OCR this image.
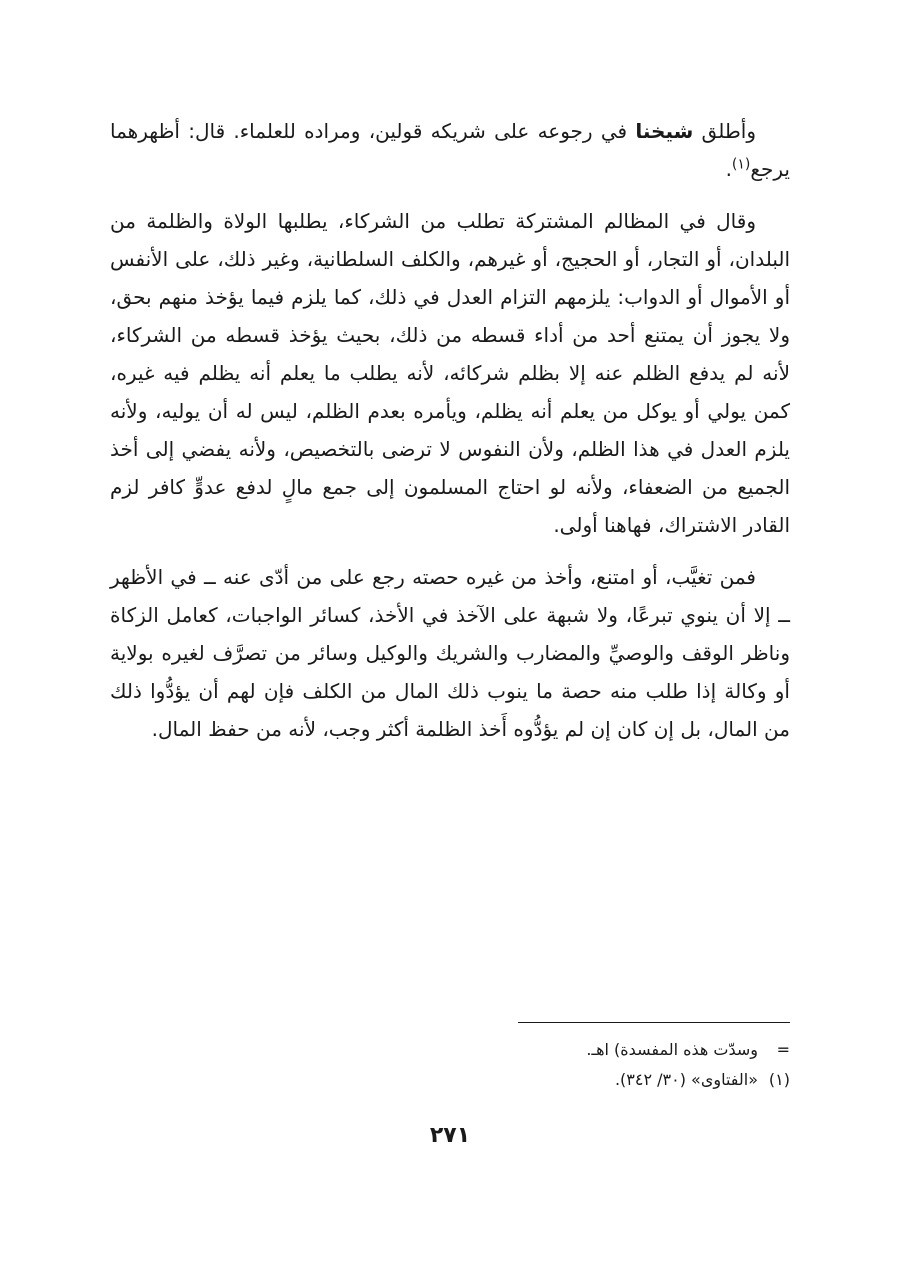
وأطلق شيخنا في رجوعه على شريكه قولين، ومراده للعلماء. قال: أظهرهما يرجع$^{(١)}$.

وقال في المظالم المشتركة تطلب من الشركاء، يطلبها الولاة والظلمة من البلدان، أو التجار، أو الحجيج، أو غيرهم، والكلف السلطانية، وغير ذلك، على الأنفس أو الأموال أو الدواب: يلزمهم التزام العدل في ذلك، كما يلزم فيما يؤخذ منهم بحق، ولا يجوز أن يمتنع أحد من أداء قسطه من ذلك، بحيث يؤخذ قسطه من الشركاء، لأنه لم يدفع الظلم عنه إلا بظلم شركائه، لأنه يطلب ما يعلم أنه يظلم فيه غيره، كمن يولي أو يوكل من يعلم أنه يظلم، ويأمره بعدم الظلم، ليس له أن يوليه، ولأنه يلزم العدل في هذا الظلم، ولأن النفوس لا ترضى بالتخصيص، ولأنه يفضي إلى أخذ الجميع من الضعفاء، ولأنه لو احتاج المسلمون إلى جمع مالٍ لدفع عدوٍّ كافر لزم القادر الاشتراك، فهاهنا أولى.

فمن تغيَّب، أو امتنع، وأخذ من غيره حصته رجع على من أدّى عنه ــ في الأظهر ــ إلا أن ينوي تبرعًا، ولا شبهة على الآخذ في الأخذ، كسائر الواجبات، كعامل الزكاة وناظر الوقف والوصيِّ والمضارب والشريك والوكيل وسائر من تصرَّف لغيره بولاية أو وكالة إذا طلب منه حصة ما ينوب ذلك المال من الكلف فإن لهم أن يؤدُّوا ذلك من المال، بل إن كان إن لم يؤدُّوه أَخذ الظلمة أكثر وجب، لأنه من حفظ المال.

=وسدّت هذه المفسدة) اهـ.

(١)«الفتاوى» (٣٠/ ٣٤٢).

٢٧١
